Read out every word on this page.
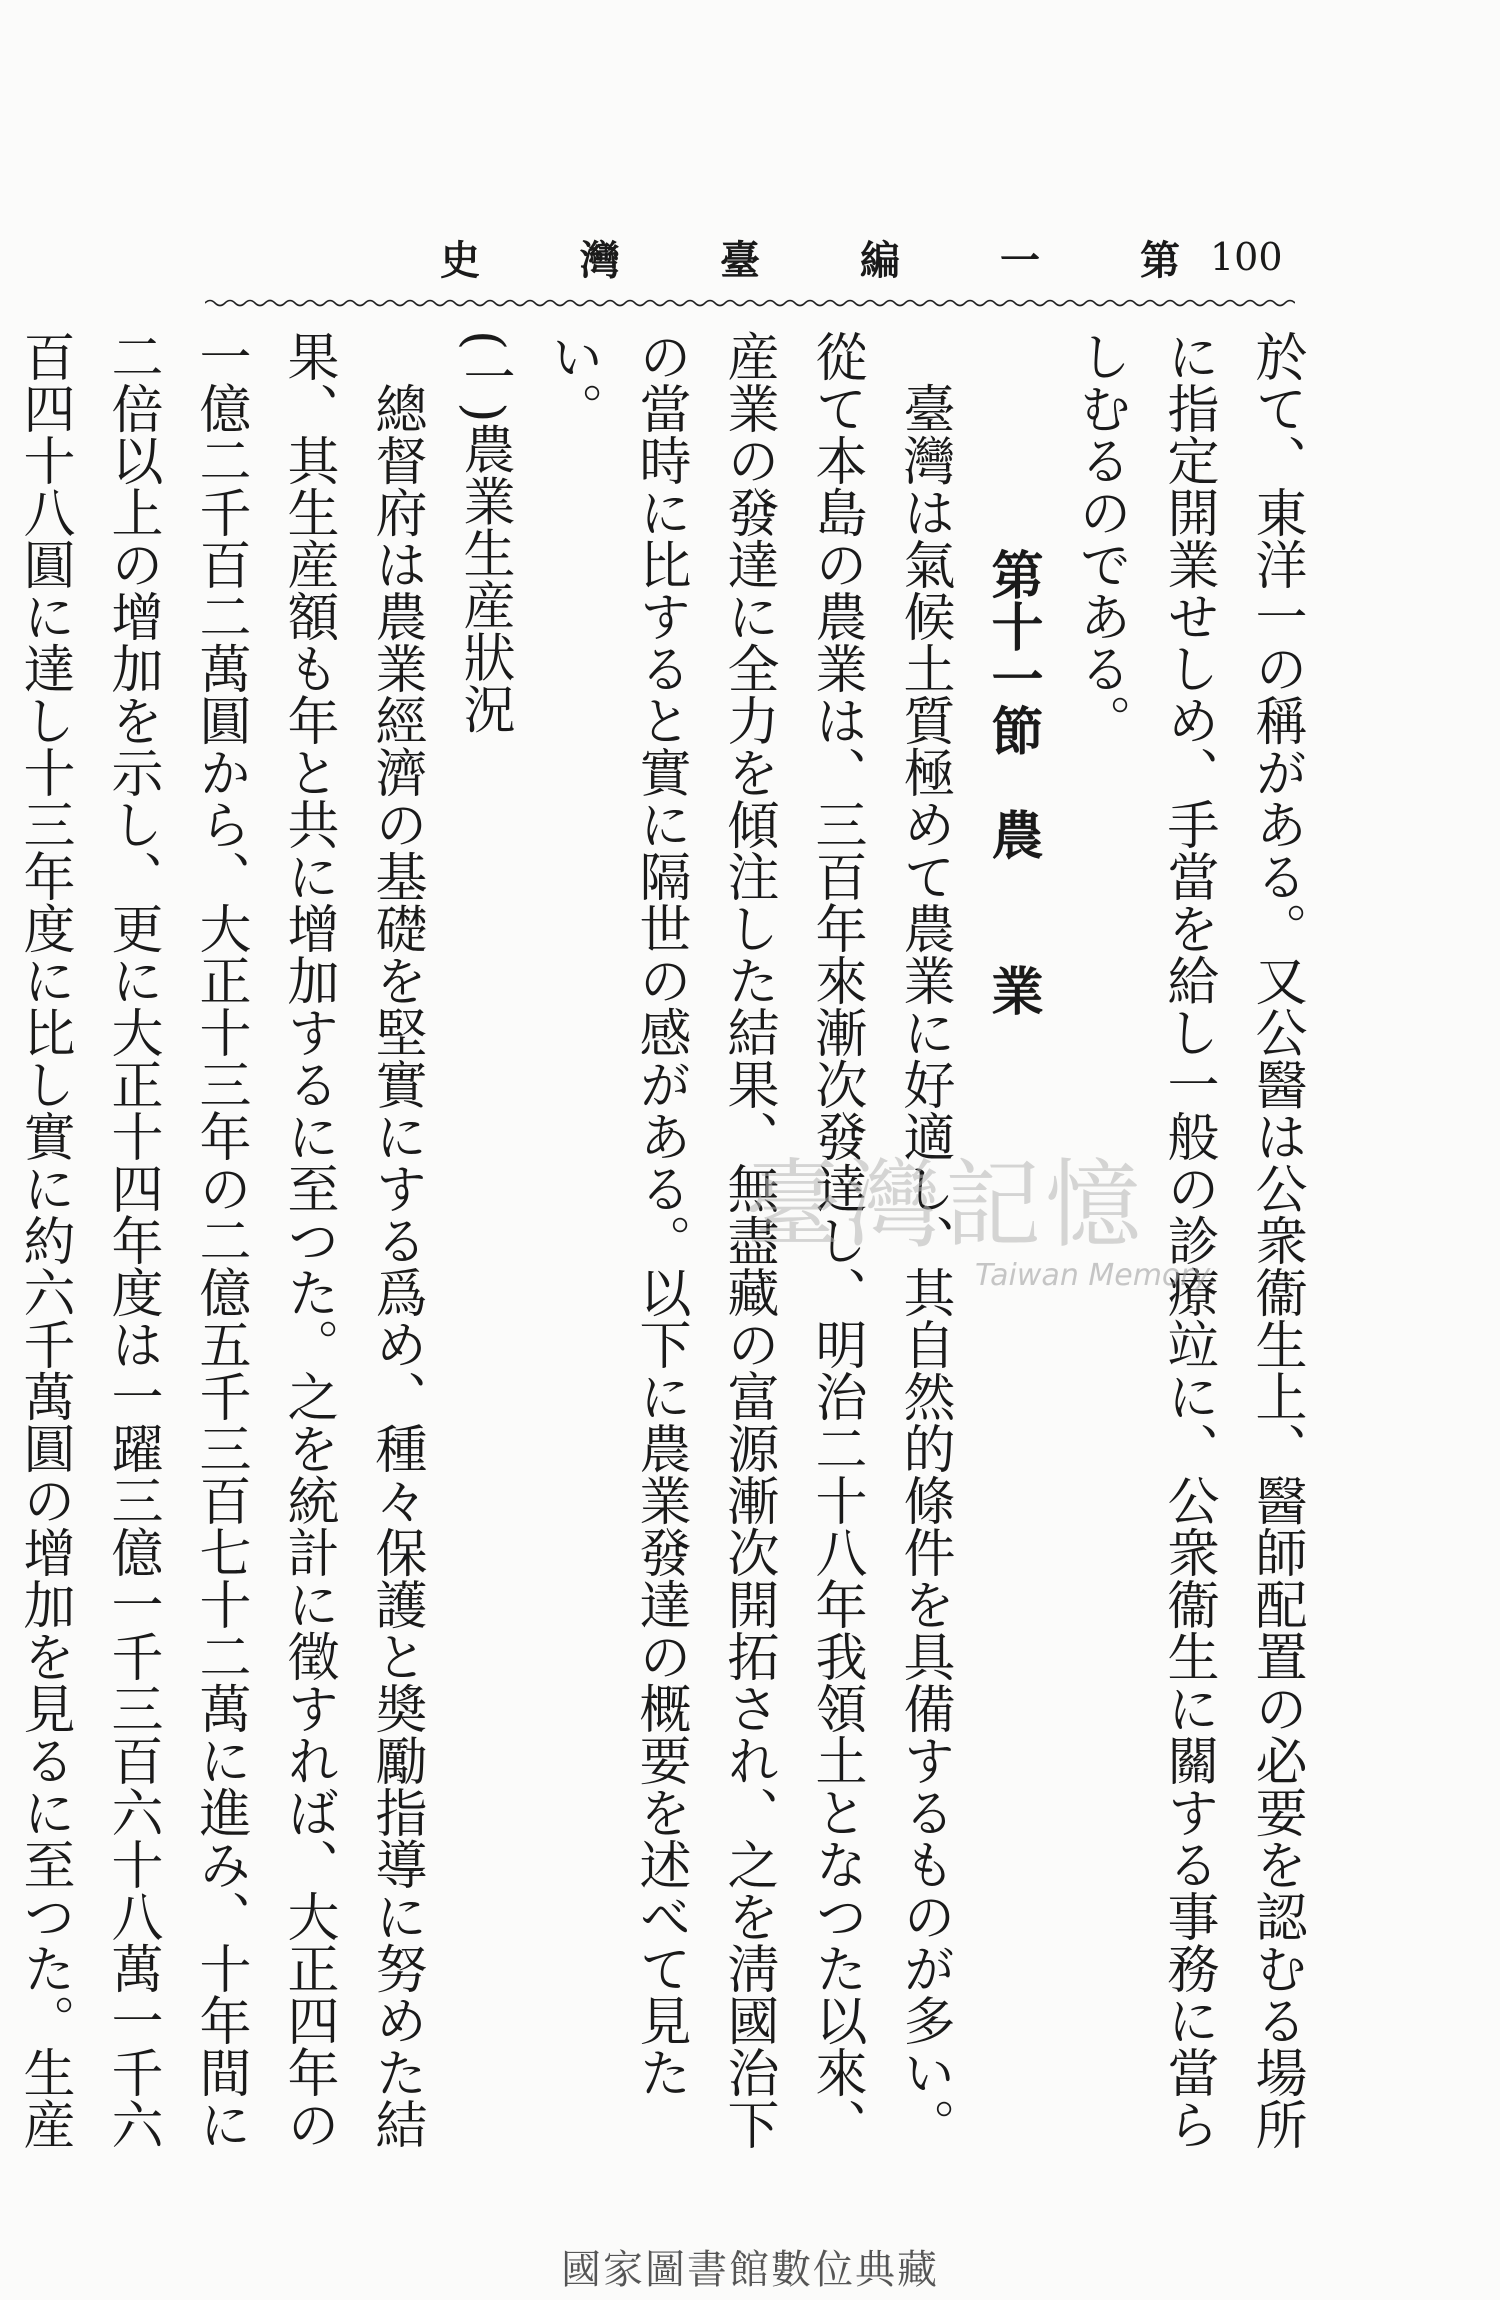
史	灣	臺	編	一	第 100

於て、東洋一の稱がある。又公醫は公衆衞生上、醫師配置の必要を認むる場所に指定開業せしめ、手當を給し一般の診療竝に、公衆衞生に關する事務に當らしむるのである。

第十一節　農　　業

臺灣は氣候土質極めて農業に好適し、其自然的條件を具備するものが多い。從て本島の農業は、三百年來漸次發達し、明治二十八年我領土となつた以來、産業の發達に全力を傾注した結果、無盡藏の富源漸次開拓され、之を淸國治下の當時に比すると實に隔世の感がある。以下に農業發達の概要を述べて見たい。

(一)農業生産狀況

總督府は農業經濟の基礎を堅實にする爲め、種々保護と奬勵指導に努めた結果、其生産額も年と共に增加するに至つた。之を統計に徵すれば、大正四年の一億二千百二萬圓から、大正十三年の二億五千三百七十二萬に進み、十年間に二倍以上の增加を示し、更に大正十四年度は一躍三億一千三百六十八萬一千六百四十八圓に達し十三年度に比し實に約六千萬圓の增加を見るに至つた。生産

臺灣記憶
Taiwan Memory
國家圖書館數位典藏
